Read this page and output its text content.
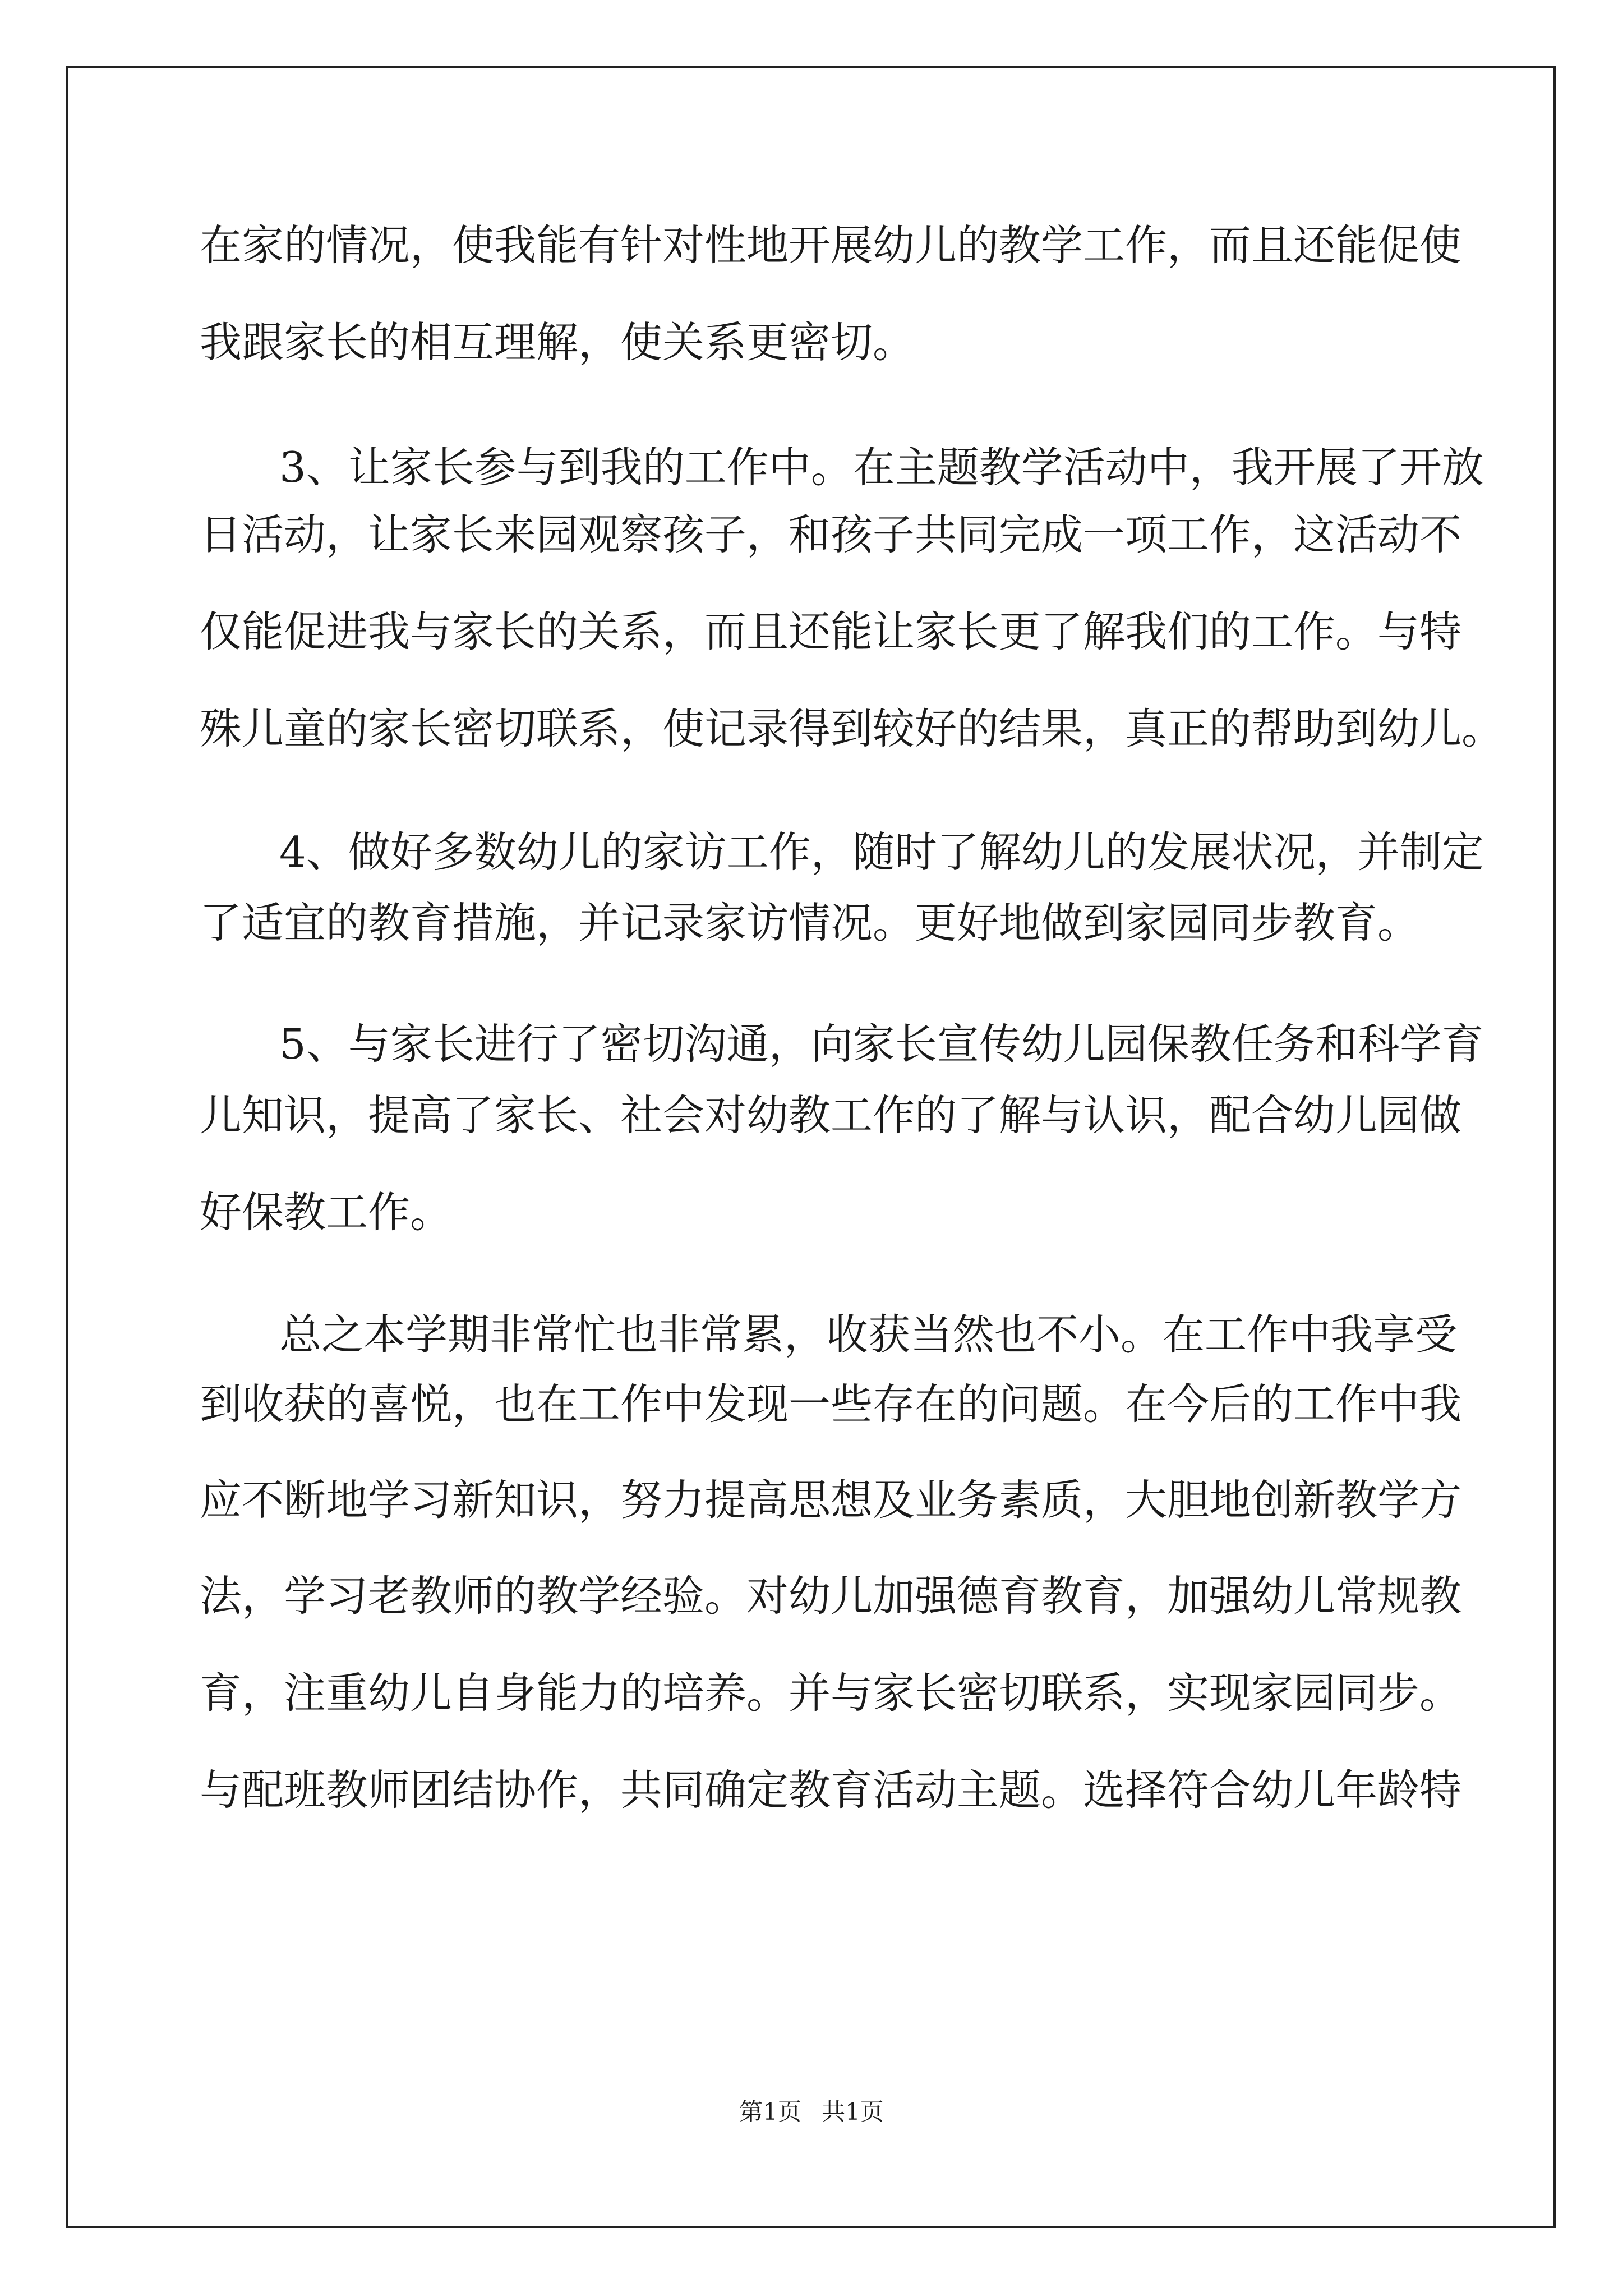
在家的情况，使我能有针对性地开展幼儿的教学工作，而且还能促使
我跟家长的相互理解，使关系更密切。
3、让家长参与到我的工作中。在主题教学活动中，我开展了开放
日活动，让家长来园观察孩子，和孩子共同完成一项工作，这活动不
仅能促进我与家长的关系，而且还能让家长更了解我们的工作。与特
殊儿童的家长密切联系，使记录得到较好的结果，真正的帮助到幼儿。
4、做好多数幼儿的家访工作，随时了解幼儿的发展状况，并制定
了适宜的教育措施，并记录家访情况。更好地做到家园同步教育。
5、与家长进行了密切沟通，向家长宣传幼儿园保教任务和科学育
儿知识，提高了家长、社会对幼教工作的了解与认识，配合幼儿园做
好保教工作。
总之本学期非常忙也非常累，收获当然也不小。在工作中我享受
到收获的喜悦，也在工作中发现一些存在的问题。在今后的工作中我
应不断地学习新知识，努力提高思想及业务素质，大胆地创新教学方
法，学习老教师的教学经验。对幼儿加强德育教育，加强幼儿常规教
育，注重幼儿自身能力的培养。并与家长密切联系，实现家园同步。
与配班教师团结协作，共同确定教育活动主题。选择符合幼儿年龄特
第1页 共1页
